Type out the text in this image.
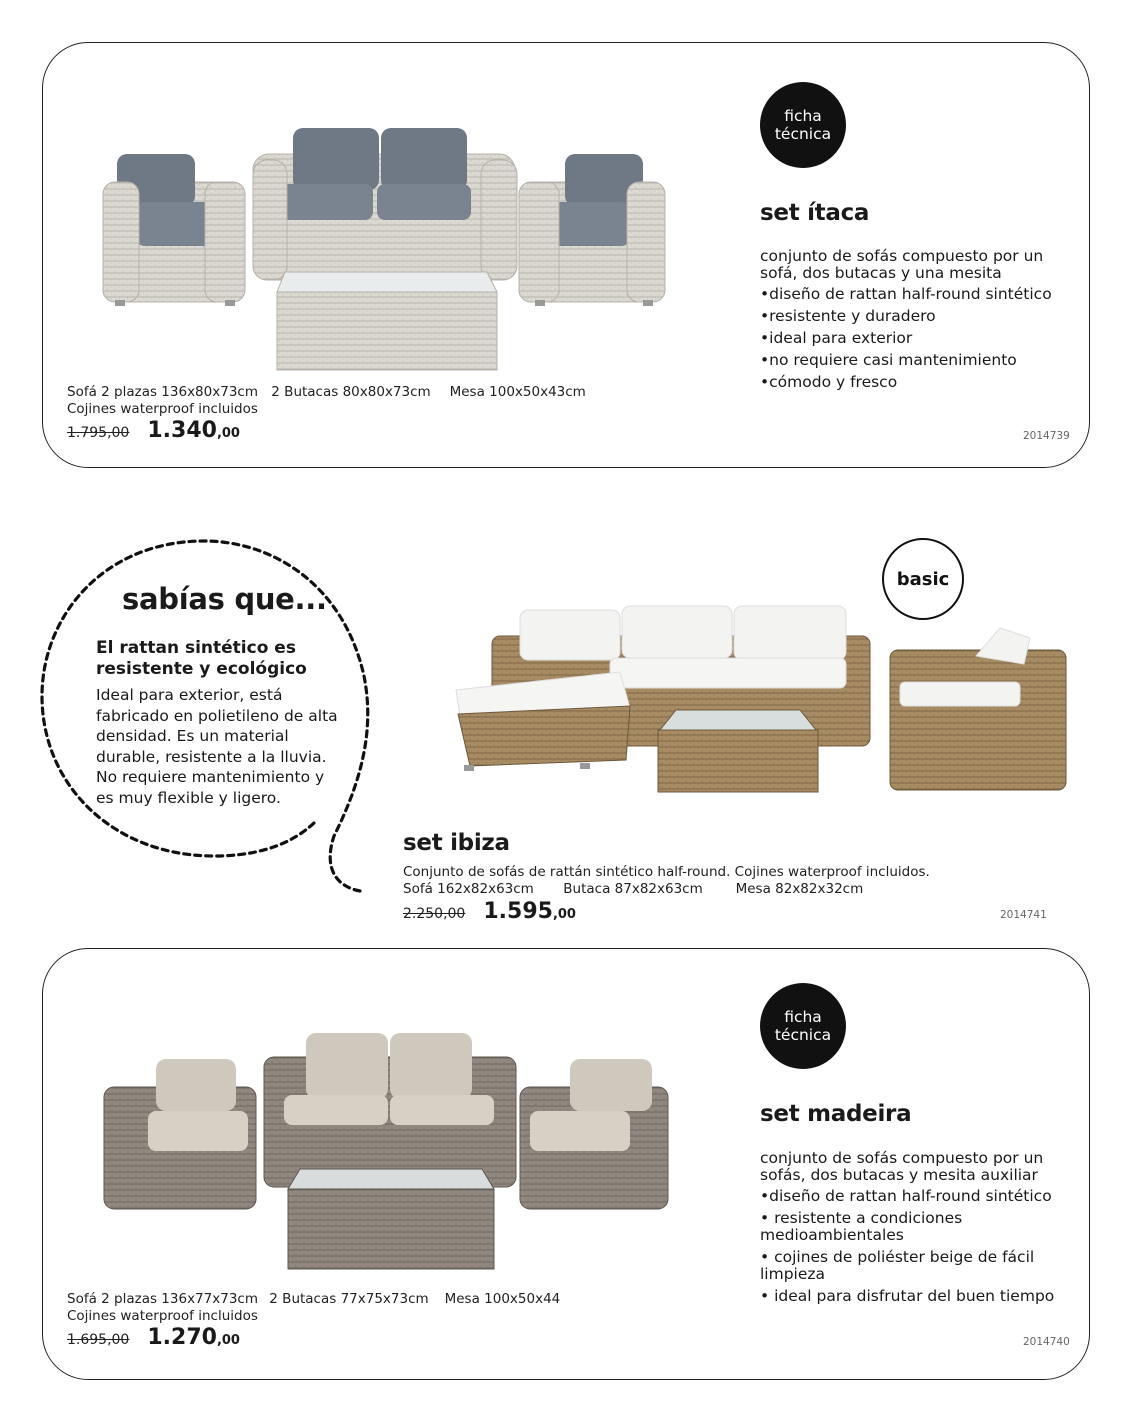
ficha
técnica
set ítaca
conjunto de sofás compuesto por un sofá, dos butacas y una mesita
•diseño de rattan half-round sintético
•resistente y duradero
•ideal para exterior
•no requiere casi mantenimiento
•cómodo y fresco
Sofá 2 plazas 136x80x73cm 2 Butacas 80x80x73cm Mesa 100x50x43cm
Cojines waterproof incluidos
1.795,00 1.340 ,00	2014739
sabías que...
El rattan sintético es resistente y ecológico
Ideal para exterior, está fabricado en polietileno de alta densidad. Es un material durable, resistente a la lluvia. No requiere mantenimiento y es muy flexible y ligero.
basic
set ibiza
Conjunto de sofás de rattán sintético half-round. Cojines waterproof incluidos.
Sofá 162x82x63cm Butaca 87x82x63cm Mesa 82x82x32cm
2.250,00 1.595 ,00	2014741
ficha
técnica
set madeira
conjunto de sofás compuesto por un sofás, dos butacas y mesita auxiliar
•diseño de rattan half-round sintético
• resistente a condiciones medioambientales
• cojines de poliéster beige de fácil limpieza
• ideal para disfrutar del buen tiempo
Sofá 2 plazas 136x77x73cm 2 Butacas 77x75x73cm Mesa 100x50x44
Cojines waterproof incluidos
1.695,00 1.270 ,00	2014740
